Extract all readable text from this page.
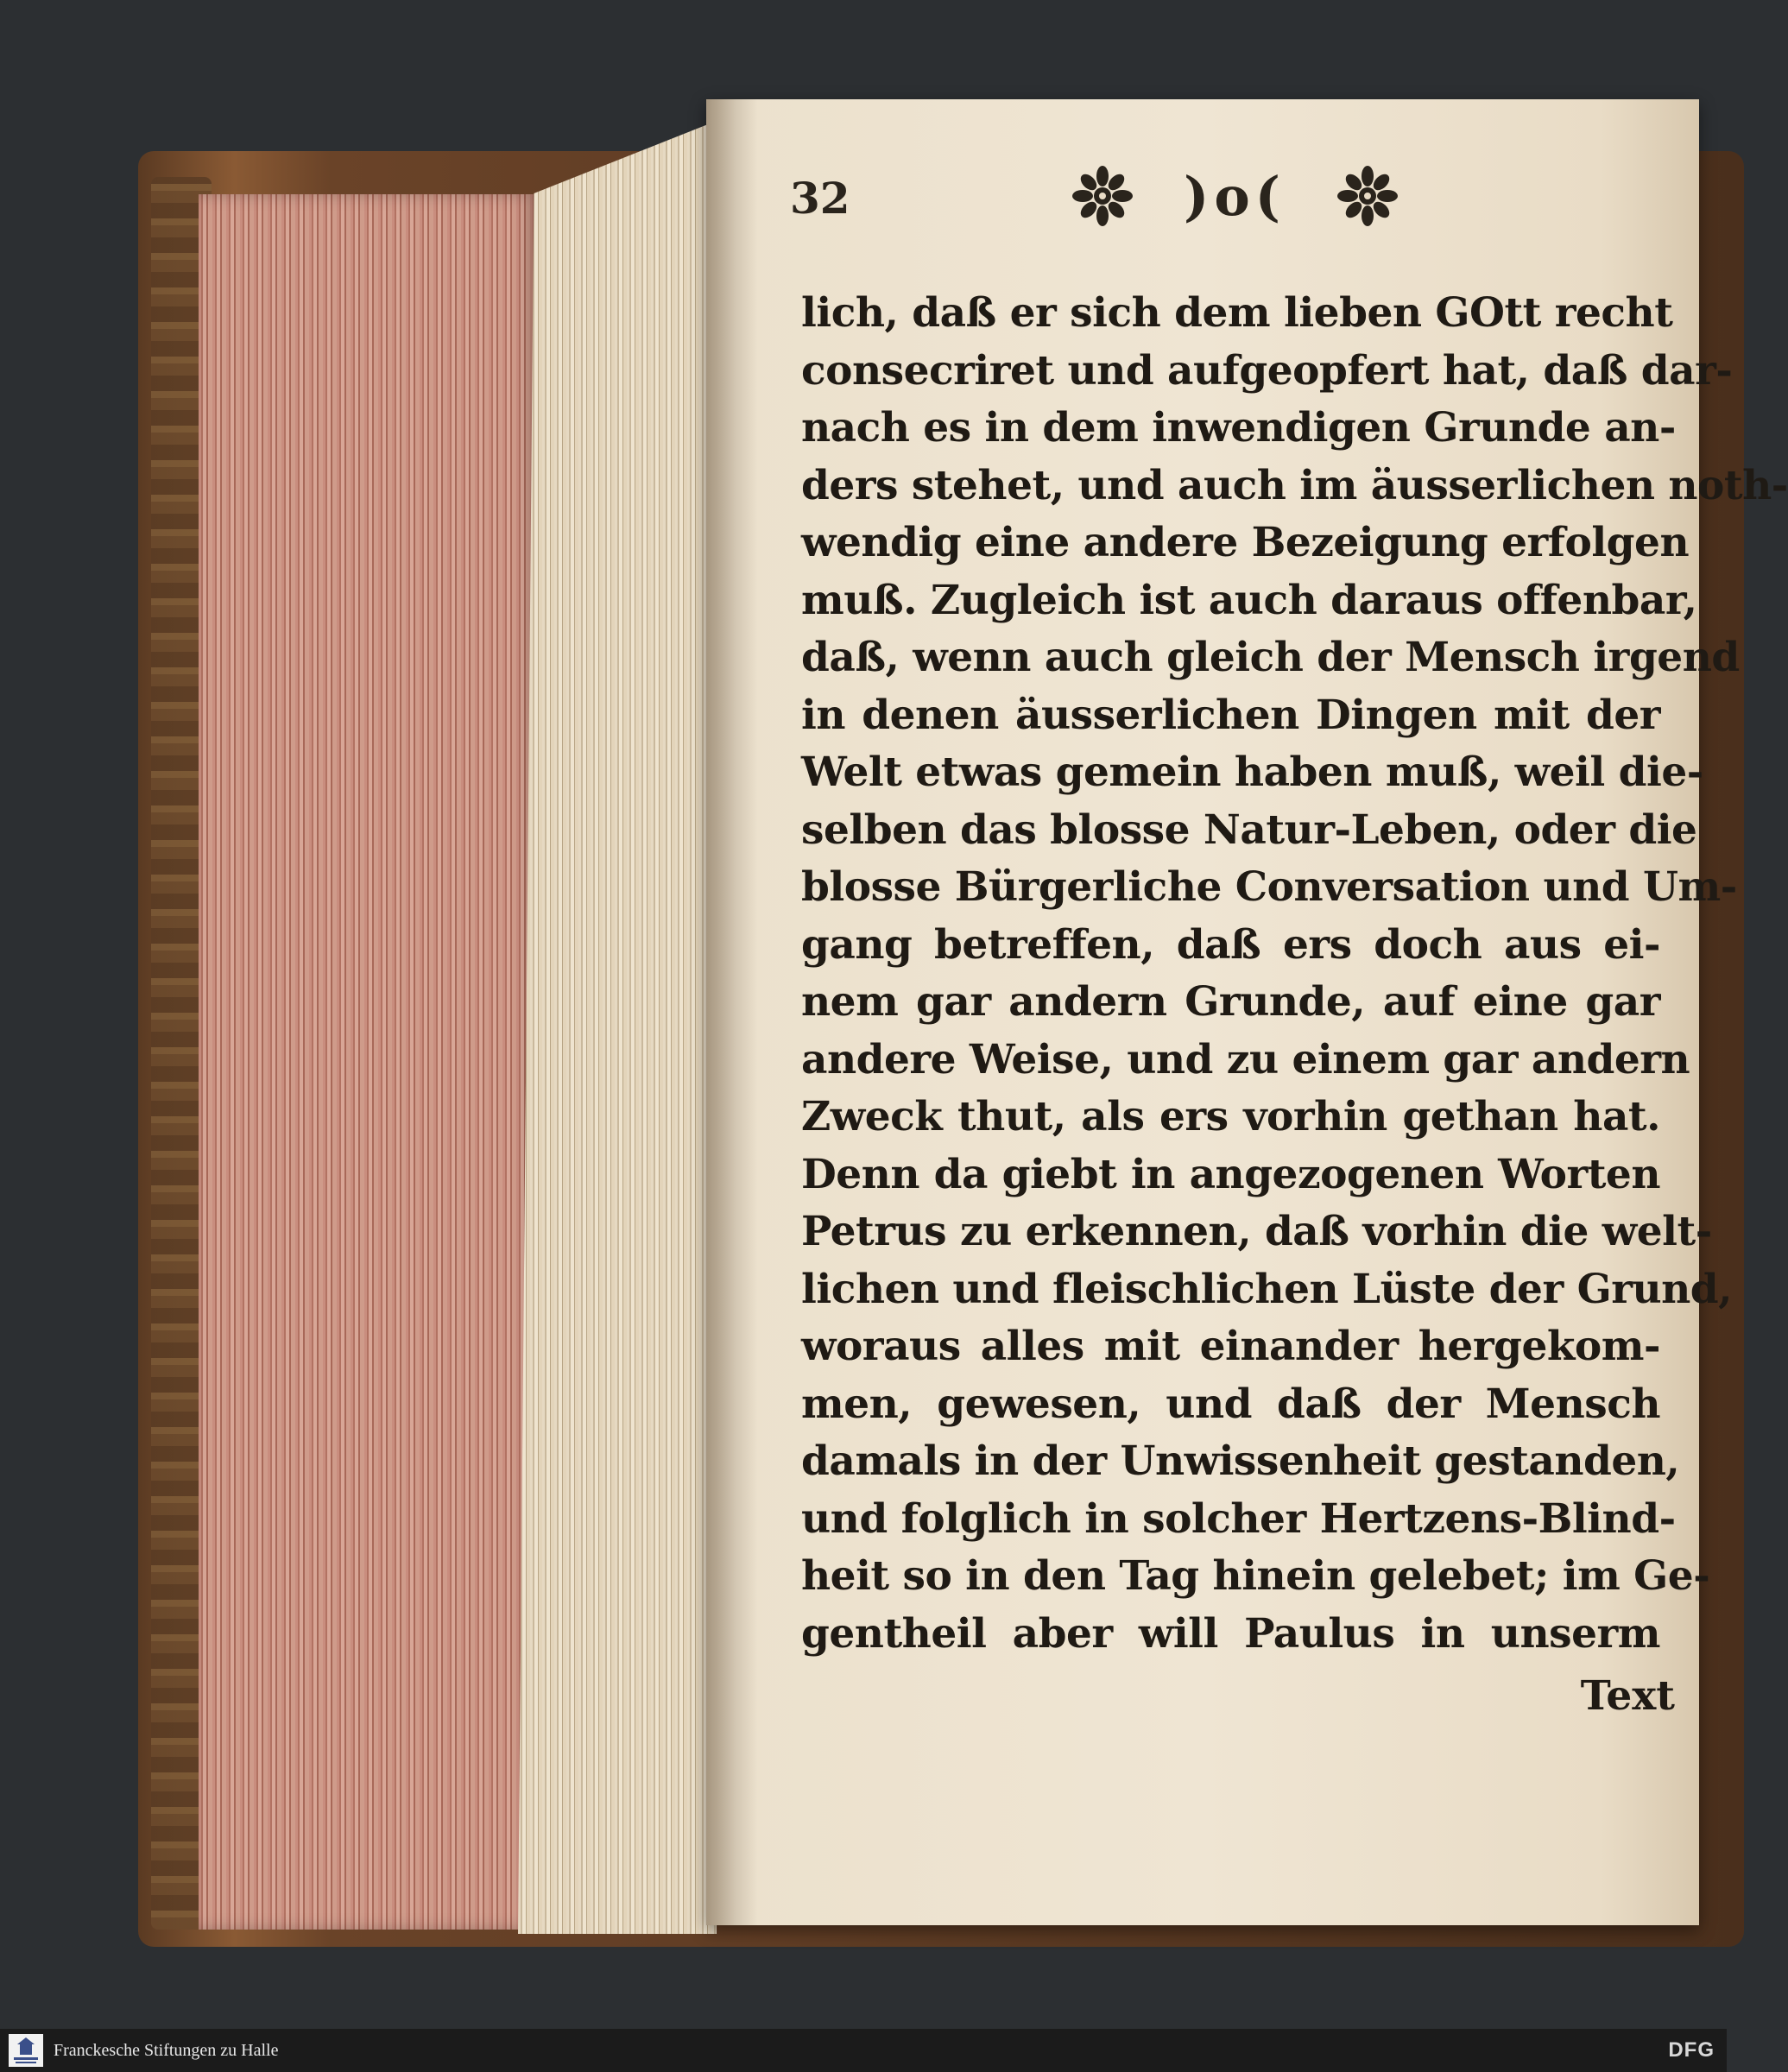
32	)o(
lich, daß er sich dem lieben GOtt recht
consecriret und aufgeopfert hat, daß dar-
nach es in dem inwendigen Grunde an-
ders stehet, und auch im äusserlichen noth-
wendig eine andere Bezeigung erfolgen
muß. Zugleich ist auch daraus offenbar,
daß, wenn auch gleich der Mensch irgend
in denen äusserlichen Dingen mit der
Welt etwas gemein haben muß, weil die-
selben das blosse Natur-Leben, oder die
blosse Bürgerliche Conversation und Um-
gang betreffen, daß ers doch aus ei-
nem gar andern Grunde, auf eine gar
andere Weise, und zu einem gar andern
Zweck thut, als ers vorhin gethan hat.
Denn da giebt in angezogenen Worten
Petrus zu erkennen, daß vorhin die welt-
lichen und fleischlichen Lüste der Grund,
woraus alles mit einander hergekom-
men, gewesen, und daß der Mensch
damals in der Unwissenheit gestanden,
und folglich in solcher Hertzens-Blind-
heit so in den Tag hinein gelebet; im Ge-
gentheil aber will Paulus in unserm
Text
Franckesche Stiftungen zu Halle	DFG
